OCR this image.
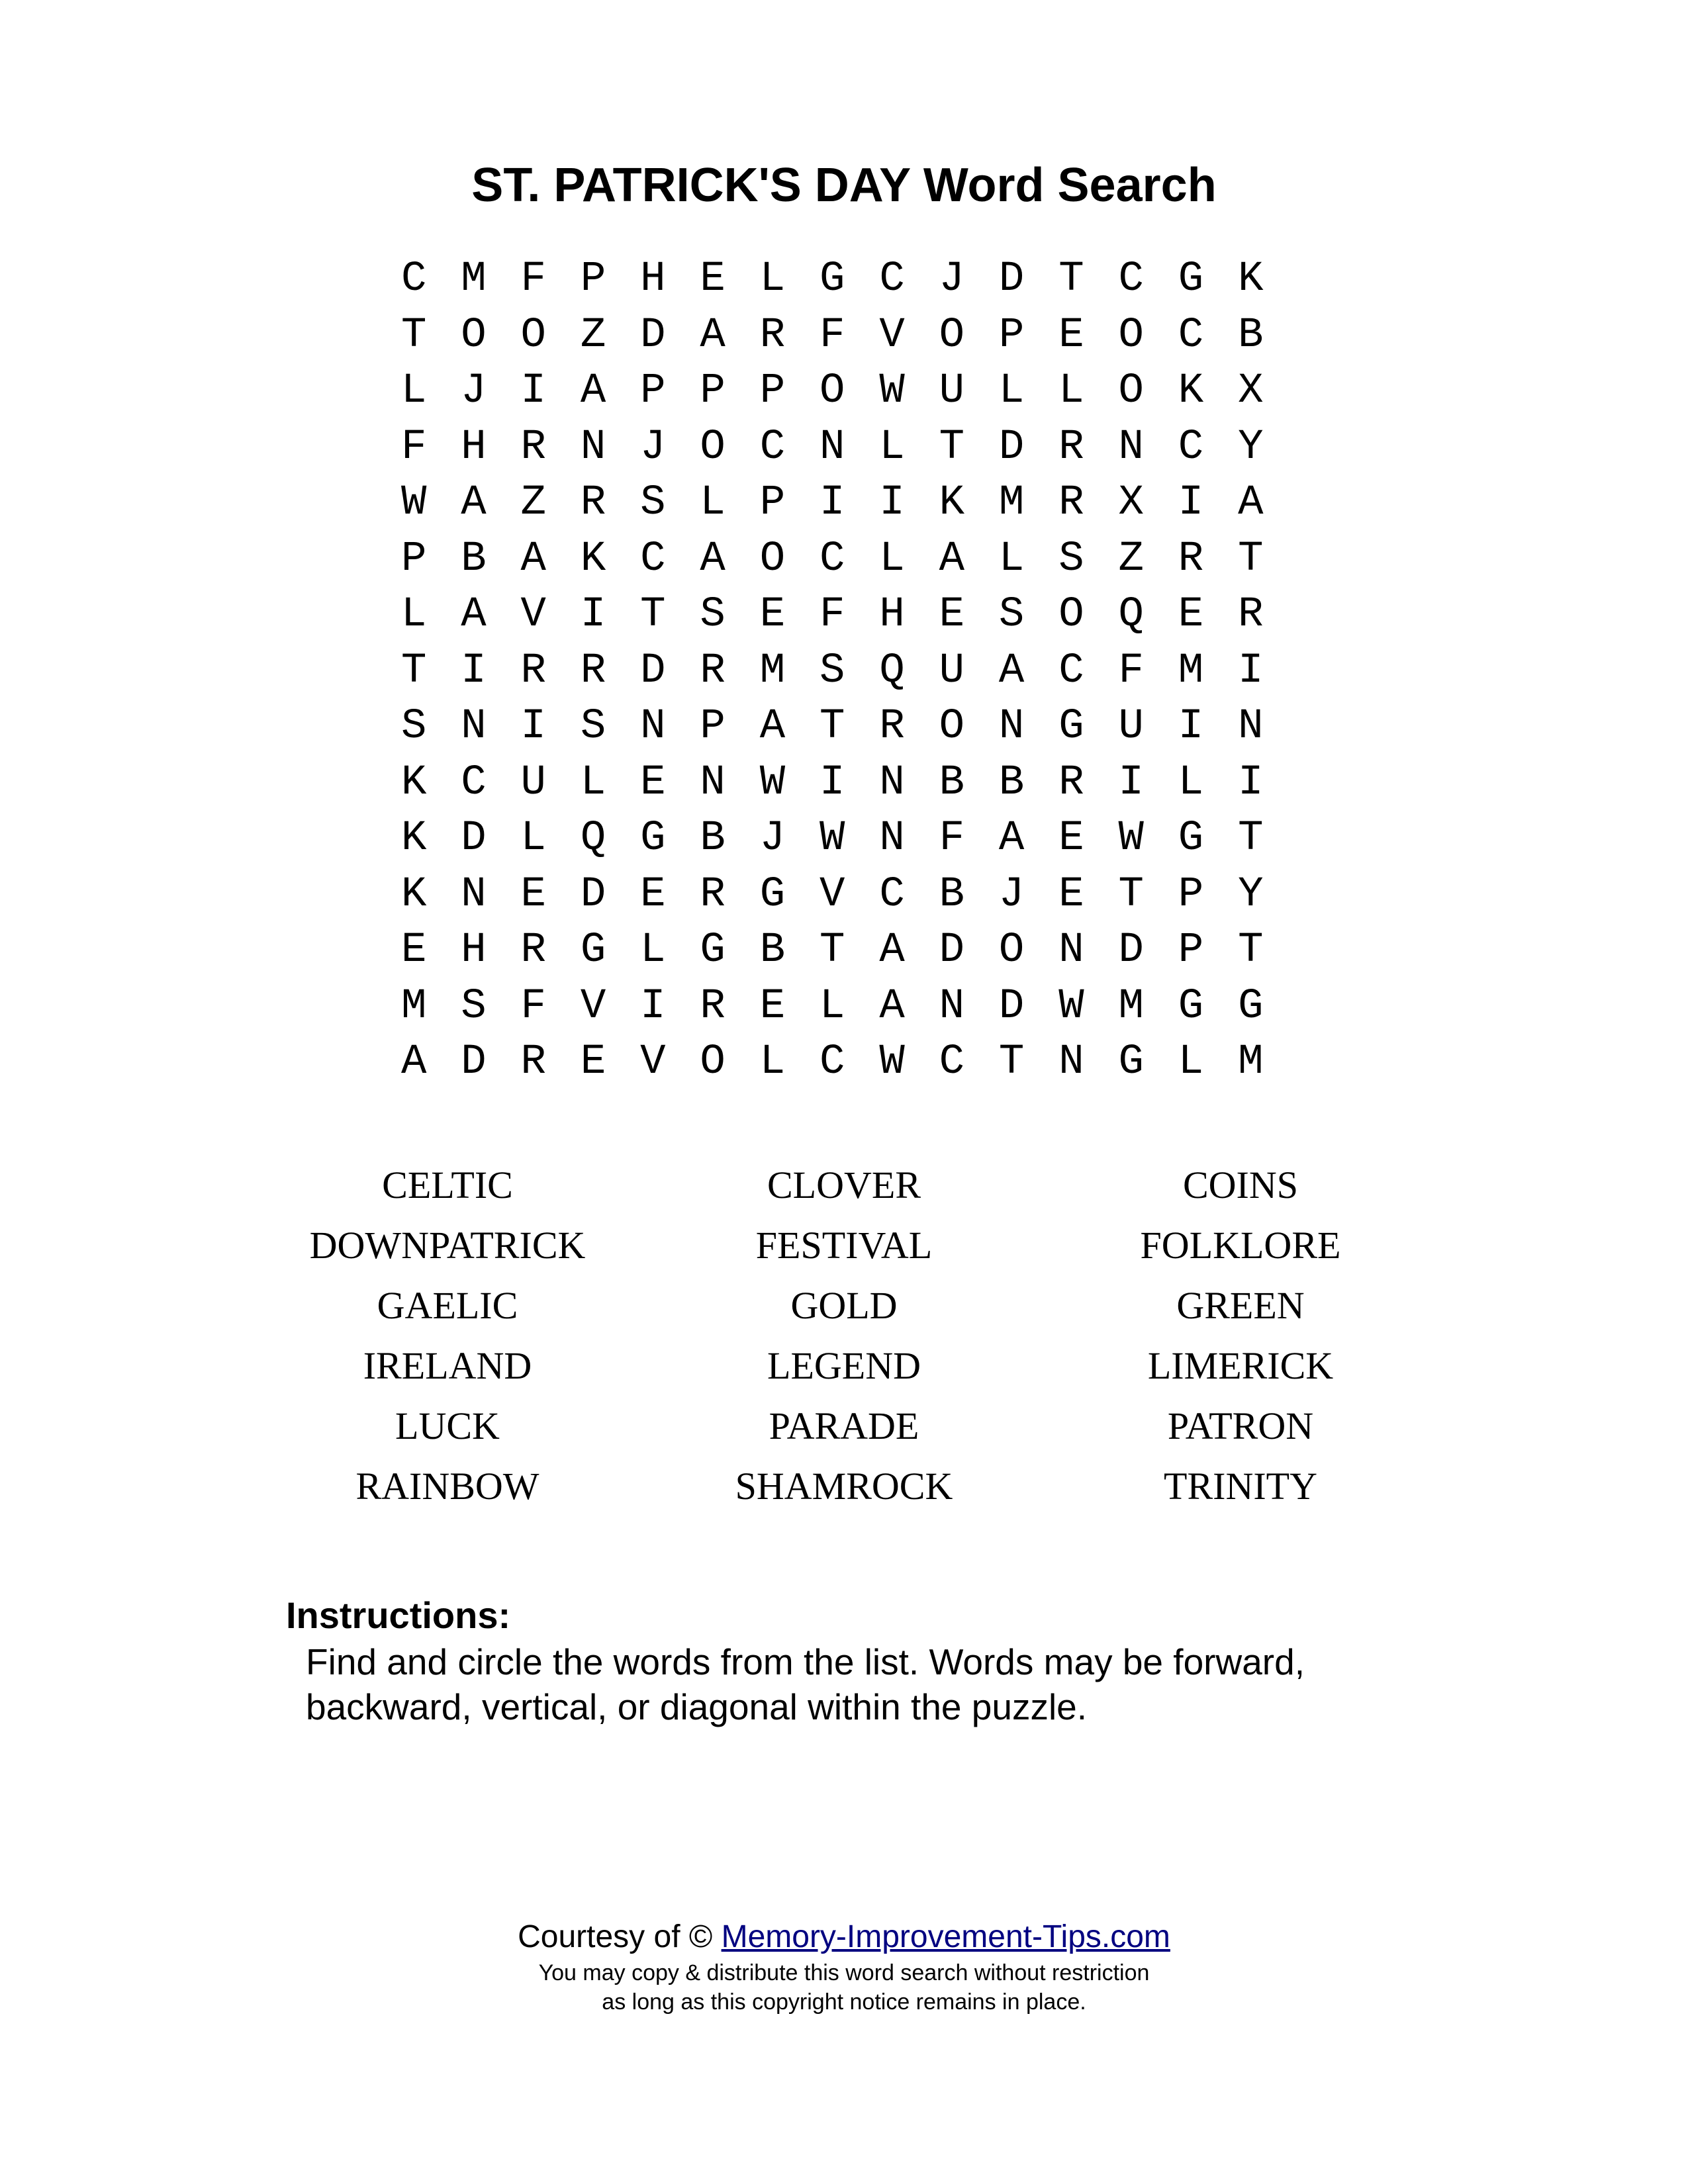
ST. PATRICK'S DAY Word Search
C M F P H E L G C J D T C G K
T O O Z D A R F V O P E O C B
L J I A P P P O W U L L O K X
F H R N J O C N L T D R N C Y
W A Z R S L P I I K M R X I A
P B A K C A O C L A L S Z R T
L A V I T S E F H E S O Q E R
T I R R D R M S Q U A C F M I
S N I S N P A T R O N G U I N
K C U L E N W I N B B R I L I
K D L Q G B J W N F A E W G T
K N E D E R G V C B J E T P Y
E H R G L G B T A D O N D P T
M S F V I R E L A N D W M G G
A D R E V O L C W C T N G L M
CELTIC	CLOVER	COINS
DOWNPATRICK	FESTIVAL	FOLKLORE
GAELIC	GOLD	GREEN
IRELAND	LEGEND	LIMERICK
LUCK	PARADE	PATRON
RAINBOW	SHAMROCK	TRINITY

Instructions:

Find and circle the words from the list. Words may be forward, backward, vertical, or diagonal within the puzzle.

Courtesy of © Memory-Improvement-Tips.com
You may copy & distribute this word search without restriction
as long as this copyright notice remains in place.
